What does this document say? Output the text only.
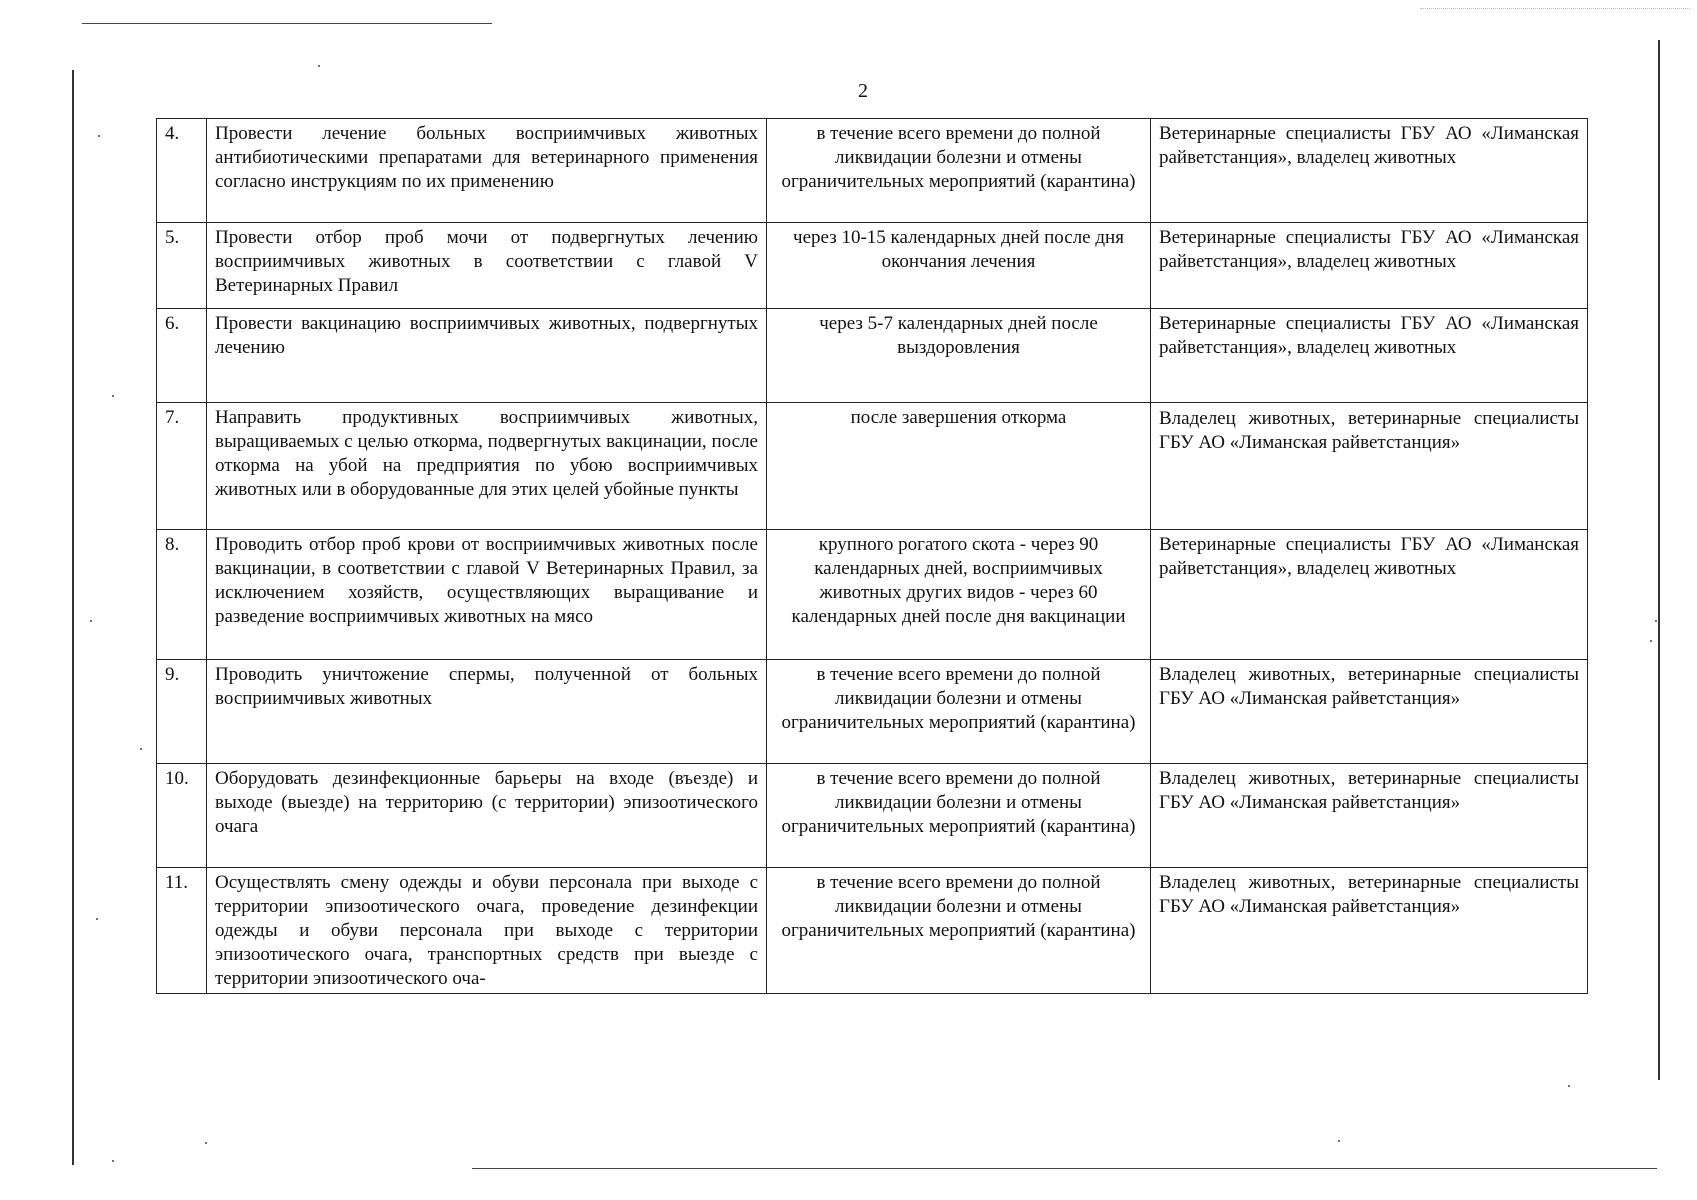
2
4.	Провести лечение больных восприимчивых животных антибиотическими препаратами для ветеринарного применения согласно инструкциям по их применению	в течение всего времени до полной ликвидации болезни и отмены ограничительных мероприятий (карантина)	Ветеринарные специалисты ГБУ АО «Лиманская райветстанция», владелец животных
5.	Провести отбор проб мочи от подвергнутых лечению восприимчивых животных в соответствии с главой V Ветеринарных Правил	через 10-15 календарных дней после дня окончания лечения	Ветеринарные специалисты ГБУ АО «Лиманская райветстанция», владелец животных
6.	Провести вакцинацию восприимчивых животных, подвергнутых лечению	через 5-7 календарных дней после выздоровления	Ветеринарные специалисты ГБУ АО «Лиманская райветстанция», владелец животных
7.	Направить продуктивных восприимчивых животных, выращиваемых с целью откорма, подвергнутых вакцинации, после откорма на убой на предприятия по убою восприимчивых животных или в оборудованные для этих целей убойные пункты	после завершения откорма	Владелец животных, ветеринарные специалисты ГБУ АО «Лиманская райветстанция»
8.	Проводить отбор проб крови от восприимчивых животных после вакцинации, в соответствии с главой V Ветеринарных Правил, за исключением хозяйств, осуществляющих выращивание и разведение восприимчивых животных на мясо	крупного рогатого скота - через 90 календарных дней, восприимчивых животных других видов - через 60 календарных дней после дня вакцинации	Ветеринарные специалисты ГБУ АО «Лиманская райветстанция», владелец животных
9.	Проводить уничтожение спермы, полученной от больных восприимчивых животных	в течение всего времени до полной ликвидации болезни и отмены ограничительных мероприятий (карантина)	Владелец животных, ветеринарные специалисты ГБУ АО «Лиманская райветстанция»
10.	Оборудовать дезинфекционные барьеры на входе (въезде) и выходе (выезде) на территорию (с территории) эпизоотического очага	в течение всего времени до полной ликвидации болезни и отмены ограничительных мероприятий (карантина)	Владелец животных, ветеринарные специалисты ГБУ АО «Лиманская райветстанция»
11.	Осуществлять смену одежды и обуви персонала при выходе с территории эпизоотического очага, проведение дезинфекции одежды и обуви персонала при выходе с территории эпизоотического очага, транспортных средств при выезде с территории эпизоотического оча-	в течение всего времени до полной ликвидации болезни и отмены ограничительных мероприятий (карантина)	Владелец животных, ветеринарные специалисты ГБУ АО «Лиманская райветстанция»
